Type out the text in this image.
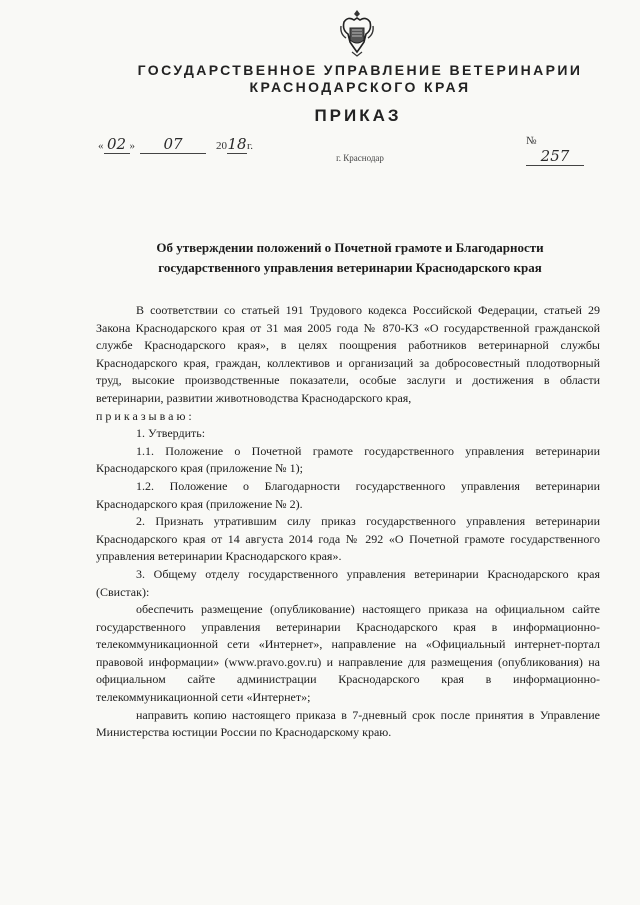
ГОСУДАРСТВЕННОЕ УПРАВЛЕНИЕ ВЕТЕРИНАРИИ
КРАСНОДАРСКОГО КРАЯ
ПРИКАЗ
« 02 »	07	2018г.	№ 257
г. Краснодар
Об утверждении положений о Почетной грамоте и Благодарности
государственного управления ветеринарии Краснодарского края

В соответствии со статьей 191 Трудового кодекса Российской Федерации, статьей 29 Закона Краснодарского края от 31 мая 2005 года № 870-КЗ «О государственной гражданской службе Краснодарского края», в целях поощрения работников ветеринарной службы Краснодарского края, граждан, коллективов и организаций за добросовестный плодотворный труд, высокие производственные показатели, особые заслуги и достижения в области ветеринарии, развитии животноводства Краснодарского края,

приказываю:

1. Утвердить:

1.1. Положение о Почетной грамоте государственного управления ветеринарии Краснодарского края (приложение № 1);

1.2. Положение о Благодарности государственного управления ветеринарии Краснодарского края (приложение № 2).

2. Признать утратившим силу приказ государственного управления ветеринарии Краснодарского края от 14 августа 2014 года № 292 «О Почетной грамоте государственного управления ветеринарии Краснодарского края».

3. Общему отделу государственного управления ветеринарии Краснодарского края (Свистак):

обеспечить размещение (опубликование) настоящего приказа на официальном сайте государственного управления ветеринарии Краснодарского края в информационно-телекоммуникационной сети «Интернет», направление на «Официальный интернет-портал правовой информации» (www.pravo.gov.ru) и направление для размещения (опубликования) на официальном сайте администрации Краснодарского края в информационно-телекоммуникационной сети «Интернет»;

направить копию настоящего приказа в 7-дневный срок после принятия в Управление Министерства юстиции России по Краснодарскому краю.
